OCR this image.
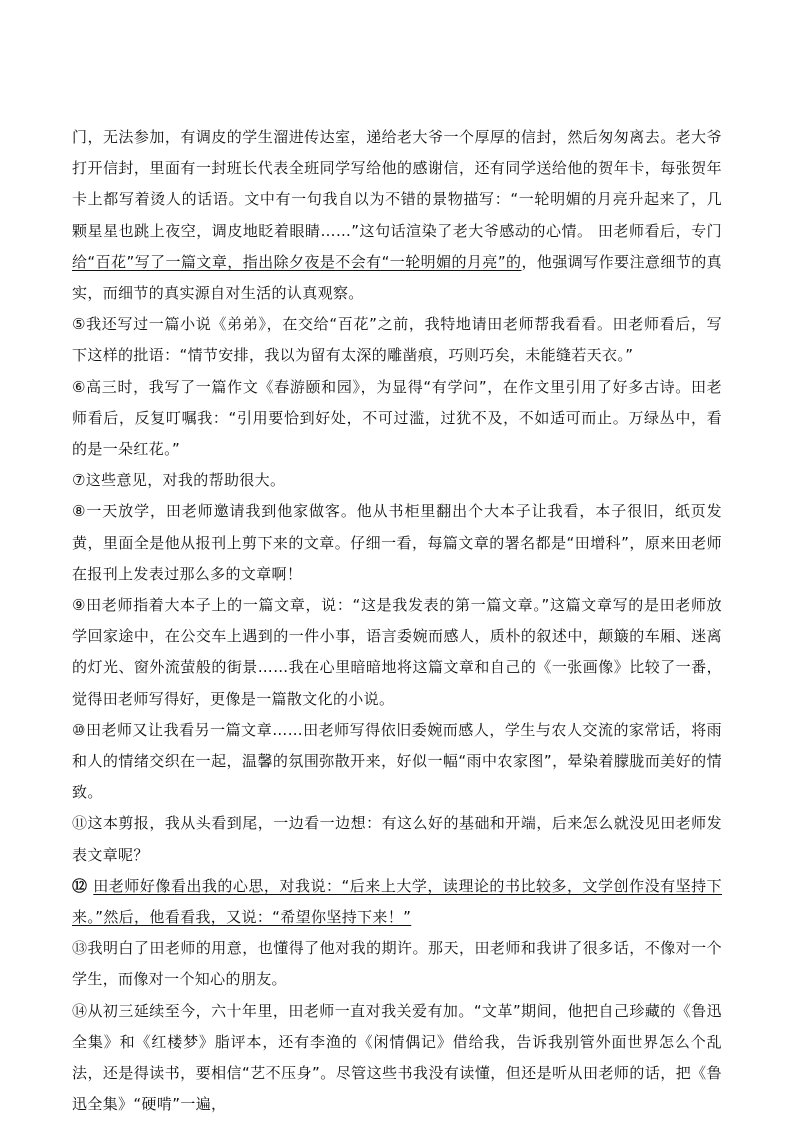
门，无法参加，有调皮的学生溜进传达室，递给老大爷一个厚厚的信封，然后匆匆离去。老大爷打开信封，里面有一封班长代表全班同学写给他的感谢信，还有同学送给他的贺年卡，每张贺年卡上都写着烫人的话语。文中有一句我自以为不错的景物描写：“一轮明媚的月亮升起来了，几颗星星也跳上夜空，调皮地眨着眼睛……”这句话渲染了老大爷感动的心情。 田老师看后，专门给“百花”写了一篇文章，指出除夕夜是不会有“一轮明媚的月亮”的，他强调写作要注意细节的真实，而细节的真实源自对生活的认真观察。

⑤我还写过一篇小说《弟弟》，在交给“百花”之前，我特地请田老师帮我看看。田老师看后，写下这样的批语：“情节安排，我以为留有太深的雕凿痕，巧则巧矣，未能缝若天衣。”

⑥高三时，我写了一篇作文《春游颐和园》，为显得“有学问”，在作文里引用了好多古诗。田老师看后，反复叮嘱我：“引用要恰到好处，不可过滥，过犹不及，不如适可而止。万绿丛中，看的是一朵红花。”

⑦这些意见，对我的帮助很大。

⑧一天放学，田老师邀请我到他家做客。他从书柜里翻出个大本子让我看，本子很旧，纸页发黄，里面全是他从报刊上剪下来的文章。仔细一看，每篇文章的署名都是“田增科”，原来田老师在报刊上发表过那么多的文章啊！

⑨田老师指着大本子上的一篇文章，说：“这是我发表的第一篇文章。”这篇文章写的是田老师放学回家途中，在公交车上遇到的一件小事，语言委婉而感人，质朴的叙述中，颠簸的车厢、迷离的灯光、窗外流萤般的街景……我在心里暗暗地将这篇文章和自己的《一张画像》比较了一番，觉得田老师写得好，更像是一篇散文化的小说。

⑩田老师又让我看另一篇文章……田老师写得依旧委婉而感人，学生与农人交流的家常话，将雨和人的情绪交织在一起，温馨的氛围弥散开来，好似一幅“雨中农家图”，晕染着朦胧而美好的情致。

⑪这本剪报，我从头看到尾，一边看一边想：有这么好的基础和开端，后来怎么就没见田老师发表文章呢？

⑫ 田老师好像看出我的心思，对我说：“后来上大学，读理论的书比较多，文学创作没有坚持下来。”然后，他看看我，又说：“希望你坚持下来！”

⑬我明白了田老师的用意，也懂得了他对我的期许。那天，田老师和我讲了很多话，不像对一个学生，而像对一个知心的朋友。

⑭从初三延续至今，六十年里，田老师一直对我关爱有加。“文革”期间，他把自己珍藏的《鲁迅全集》和《红楼梦》脂评本，还有李渔的《闲情偶记》借给我，告诉我别管外面世界怎么个乱法，还是得读书，要相信“艺不压身”。尽管这些书我没有读懂，但还是听从田老师的话，把《鲁迅全集》“硬啃”一遍，
